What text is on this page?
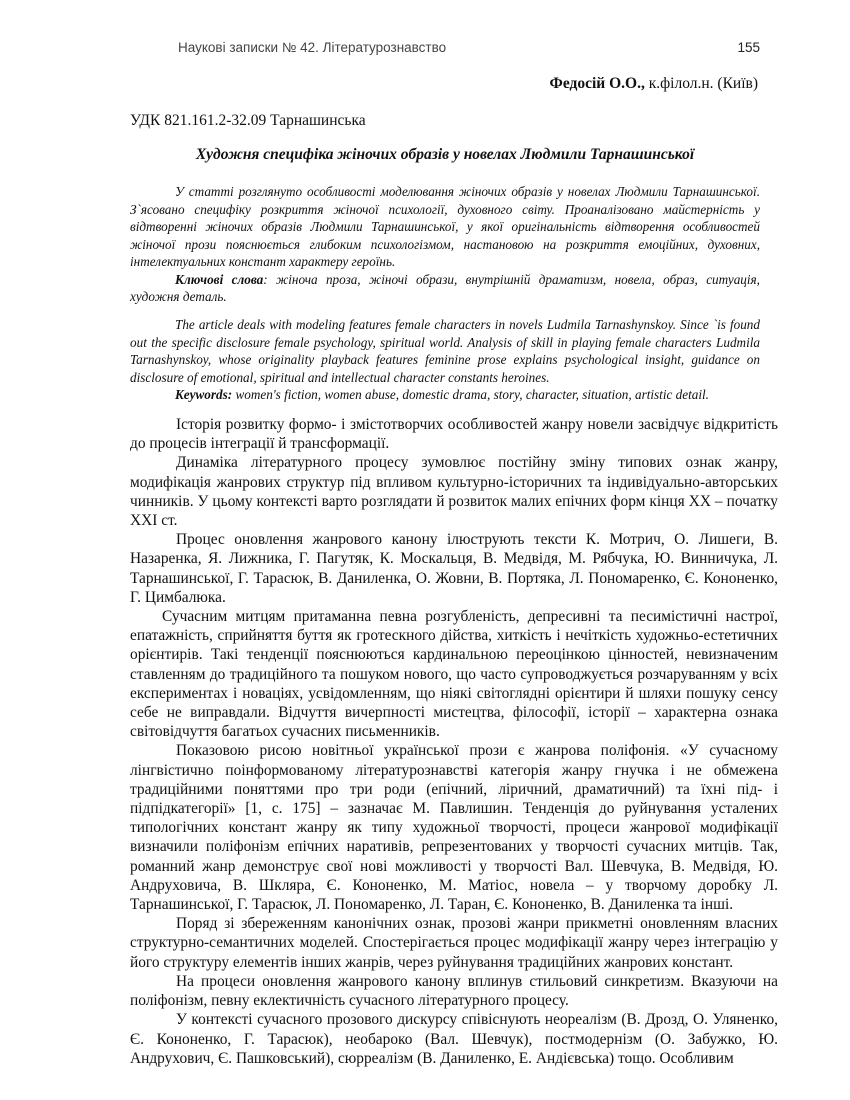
Наукові записки № 42. Літературознавство	155
Федосій О.О., к.філол.н. (Київ)
УДК 821.161.2-32.09 Тарнашинська
Художня специфіка жіночих образів у новелах Людмили Тарнашинської

У статті розглянуто особливості моделювання жіночих образів у новелах Людмили Тарнашинської. З`ясовано специфіку розкриття жіночої психології, духовного світу. Проаналізовано майстерність у відтворенні жіночих образів Людмили Тарнашинської, у якої оригінальність відтворення особливостей жіночої прози пояснюється глибоким психологізмом, настановою на розкриття емоційних, духовних, інтелектуальних констант характеру героїнь.

Ключові слова: жіноча проза, жіночі образи, внутрішній драматизм, новела, образ, ситуація, художня деталь.

The article deals with modeling features female characters in novels Ludmila Tarnashynskoy. Since `is found out the specific disclosure female psychology, spiritual world. Analysis of skill in playing female characters Ludmila Tarnashynskoy, whose originality playback features feminine prose explains psychological insight, guidance on disclosure of emotional, spiritual and intellectual character constants heroines.

Keywords: women's fiction, women abuse, domestic drama, story, character, situation, artistic detail.

Історія розвитку формо- і змістотворчих особливостей жанру новели засвідчує відкритість до процесів інтеграції й трансформації.

Динаміка літературного процесу зумовлює постійну зміну типових ознак жанру, модифікація жанрових структур під впливом культурно-історичних та індивідуально-авторських чинників. У цьому контексті варто розглядати й розвиток малих епічних форм кінця ХХ – початку ХХІ ст.

Процес оновлення жанрового канону ілюструють тексти К. Мотрич, О. Лишеги, В. Назаренка, Я. Лижника, Г. Пагутяк, К. Москальця, В. Медвідя, М. Рябчука, Ю. Винничука, Л. Тарнашинської, Г. Тарасюк, В. Даниленка, О. Жовни, В. Портяка, Л. Пономаренко, Є. Кононенко, Г. Цимбалюка.

Сучасним митцям притаманна певна розгубленість, депресивні та песимістичні настрої, епатажність, сприйняття буття як гротескного дійства, хиткість і нечіткість художньо-естетичних орієнтирів. Такі тенденції пояснюються кардинальною переоцінкою цінностей, невизначеним ставленням до традиційного та пошуком нового, що часто супроводжується розчаруванням у всіх експериментах і новаціях, усвідомленням, що ніякі світоглядні орієнтири й шляхи пошуку сенсу себе не виправдали. Відчуття вичерпності мистецтва, філософії, історії – характерна ознака світовідчуття багатьох сучасних письменників.

Показовою рисою новітньої української прози є жанрова поліфонія. «У сучасному лінгвістично поінформованому літературознавстві категорія жанру гнучка і не обмежена традиційними поняттями про три роди (епічний, ліричний, драматичний) та їхні під- і підпідкатегорії» [1, с. 175] – зазначає М. Павлишин. Тенденція до руйнування усталених типологічних констант жанру як типу художньої творчості, процеси жанрової модифікації визначили поліфонізм епічних наративів, репрезентованих у творчості сучасних митців. Так, романний жанр демонструє свої нові можливості у творчості Вал. Шевчука, В. Медвідя, Ю. Андруховича, В. Шкляра, Є. Кононенко, М. Матіос, новела – у творчому доробку Л. Тарнашинської, Г. Тарасюк, Л. Пономаренко, Л. Таран, Є. Кононенко, В. Даниленка та інші.

Поряд зі збереженням канонічних ознак, прозові жанри прикметні оновленням власних структурно-семантичних моделей. Спостерігається процес модифікації жанру через інтеграцію у його структуру елементів інших жанрів, через руйнування традиційних жанрових констант.

На процеси оновлення жанрового канону вплинув стильовий синкретизм. Вказуючи на поліфонізм, певну еклектичність сучасного літературного процесу.

У контексті сучасного прозового дискурсу співіснують неореалізм (В. Дрозд, О. Уляненко, Є. Кононенко, Г. Тарасюк), необароко (Вал. Шевчук), постмодернізм (О. Забужко, Ю. Андрухович, Є. Пашковський), сюрреалізм (В. Даниленко, Е. Андієвська) тощо. Особливим
